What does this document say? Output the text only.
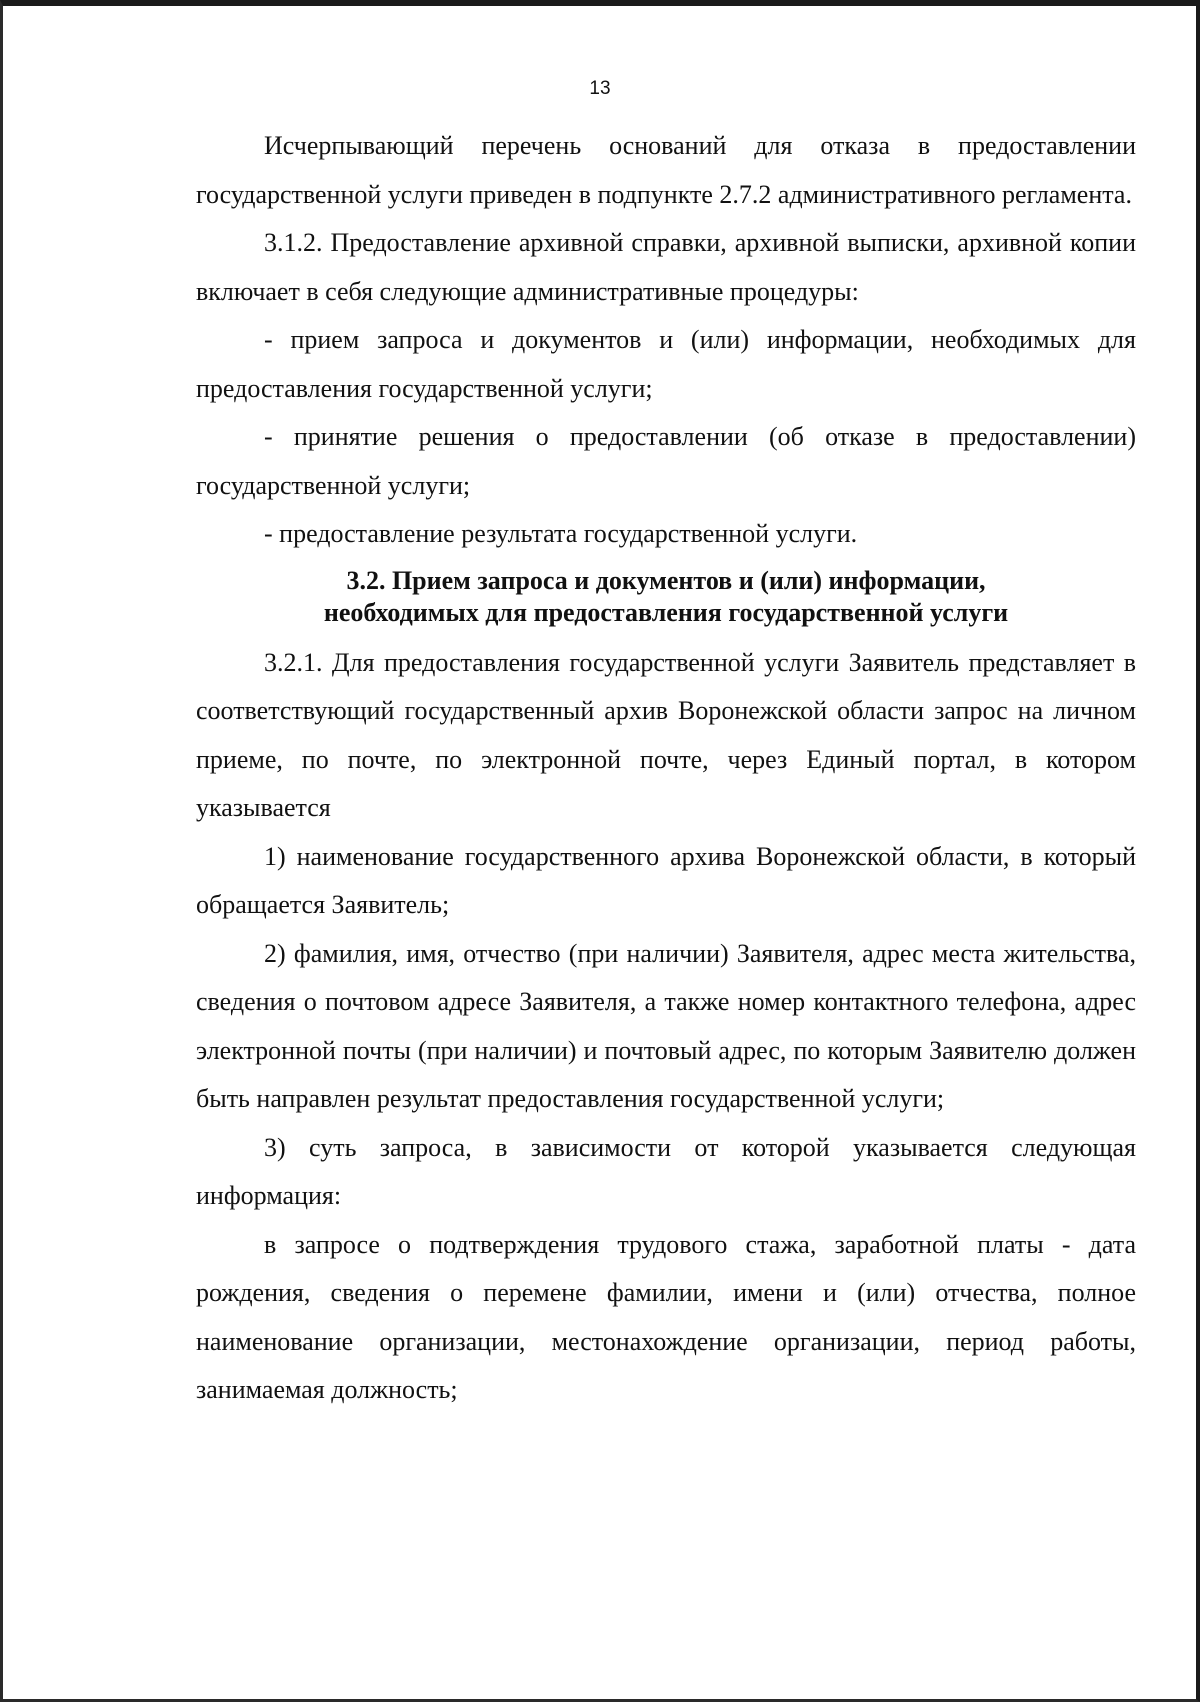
13

Исчерпывающий перечень оснований для отказа в предоставлении государственной услуги приведен в подпункте 2.7.2 административного регламента.

3.1.2. Предоставление архивной справки, архивной выписки, архивной копии включает в себя следующие административные процедуры:

- прием запроса и документов и (или) информации, необходимых для предоставления государственной услуги;

- принятие решения о предоставлении (об отказе в предоставлении) государственной услуги;

- предоставление результата государственной услуги.

3.2. Прием запроса и документов и (или) информации,
необходимых для предоставления государственной услуги

3.2.1. Для предоставления государственной услуги Заявитель представляет в соответствующий государственный архив Воронежской области запрос на личном приеме, по почте, по электронной почте, через Единый портал, в котором указывается

1) наименование государственного архива Воронежской области, в который обращается Заявитель;

2) фамилия, имя, отчество (при наличии) Заявителя, адрес места жительства, сведения о почтовом адресе Заявителя, а также номер контактного телефона, адрес электронной почты (при наличии) и почтовый адрес, по которым Заявителю должен быть направлен результат предоставления государственной услуги;

3) суть запроса, в зависимости от которой указывается следующая информация:

в запросе о подтверждения трудового стажа, заработной платы - дата рождения, сведения о перемене фамилии, имени и (или) отчества, полное наименование организации, местонахождение организации, период работы, занимаемая должность;
